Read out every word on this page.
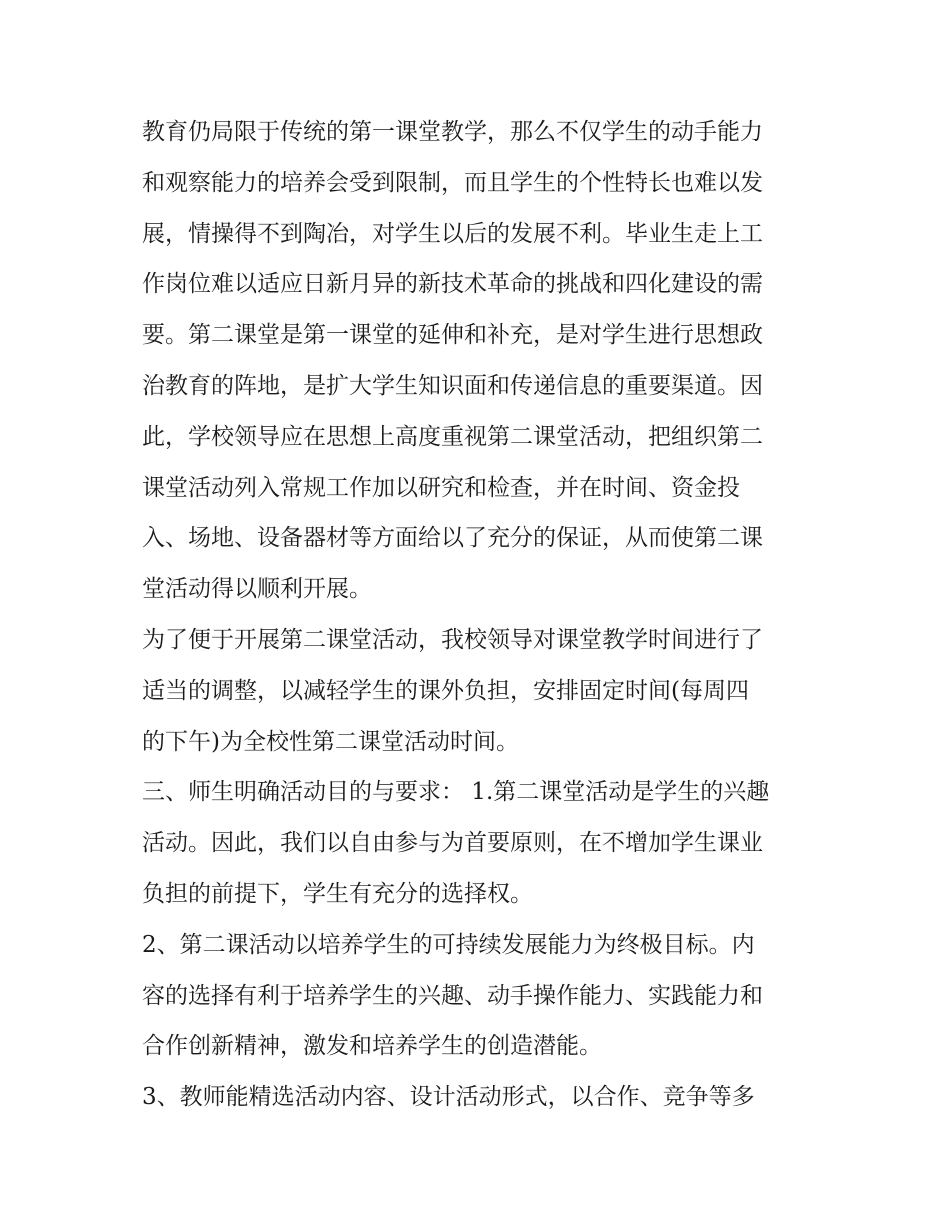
教育仍局限于传统的第一课堂教学，那么不仅学生的动手能力
和观察能力的培养会受到限制，而且学生的个性特长也难以发
展，情操得不到陶冶，对学生以后的发展不利。毕业生走上工
作岗位难以适应日新月异的新技术革命的挑战和四化建设的需
要。第二课堂是第一课堂的延伸和补充，是对学生进行思想政
治教育的阵地，是扩大学生知识面和传递信息的重要渠道。因
此，学校领导应在思想上高度重视第二课堂活动，把组织第二
课堂活动列入常规工作加以研究和检查，并在时间、资金投
入、场地、设备器材等方面给以了充分的保证，从而使第二课
堂活动得以顺利开展。
为了便于开展第二课堂活动，我校领导对课堂教学时间进行了
适当的调整，以减轻学生的课外负担，安排固定时间(每周四
的下午)为全校性第二课堂活动时间。
三、师生明确活动目的与要求： 1.第二课堂活动是学生的兴趣
活动。因此，我们以自由参与为首要原则，在不增加学生课业
负担的前提下，学生有充分的选择权。
2、第二课活动以培养学生的可持续发展能力为终极目标。内
容的选择有利于培养学生的兴趣、动手操作能力、实践能力和
合作创新精神，激发和培养学生的创造潜能。
3、教师能精选活动内容、设计活动形式，以合作、竞争等多
